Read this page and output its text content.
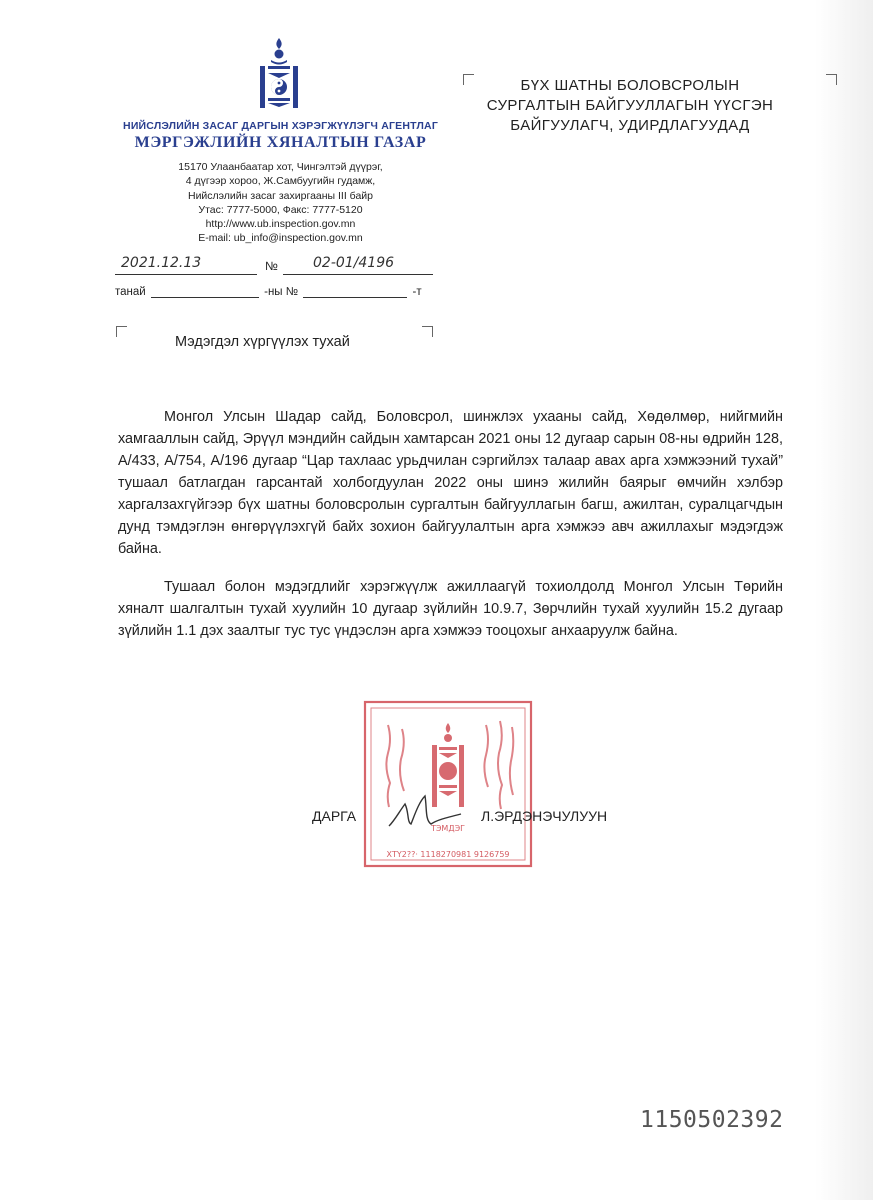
НИЙСЛЭЛИЙН ЗАСАГ ДАРГЫН ХЭРЭГЖҮҮЛЭГЧ АГЕНТЛАГ
МЭРГЭЖЛИЙН ХЯНАЛТЫН ГАЗАР
15170 Улаанбаатар хот, Чингэлтэй дүүрэг,
4 дүгээр хороо, Ж.Самбуугийн гудамж,
Нийслэлийн засаг захиргааны III байр
Утас: 7777-5000, Факс: 7777-5120
http://www.ub.inspection.gov.mn
E-mail: ub_info@inspection.gov.mn
2021.12.13	№	02-01/4196
танай	-ны №	-т
БҮХ ШАТНЫ БОЛОВСРОЛЫН
СУРГАЛТЫН БАЙГУУЛЛАГЫН ҮҮСГЭН
БАЙГУУЛАГЧ, УДИРДЛАГУУДАД
Мэдэгдэл хүргүүлэх тухай

Монгол Улсын Шадар сайд, Боловсрол, шинжлэх ухааны сайд, Хөдөлмөр, нийгмийн хамгааллын сайд, Эрүүл мэндийн сайдын хамтарсан 2021 оны 12 дугаар сарын 08-ны өдрийн 128, А/433, А/754, А/196 дугаар “Цар тахлаас урьдчилан сэргийлэх талаар авах арга хэмжээний тухай” тушаал батлагдан гарсантай холбогдуулан 2022 оны шинэ жилийн баярыг өмчийн хэлбэр харгалзахгүйгээр бүх шатны боловсролын сургалтын байгууллагын багш, ажилтан, суралцагчдын дунд тэмдэглэн өнгөрүүлэхгүй байх зохион байгуулалтын арга хэмжээ авч ажиллахыг мэдэгдэж байна.

Тушаал болон мэдэгдлийг хэрэгжүүлж ажиллаагүй тохиолдолд Монгол Улсын Төрийн хяналт шалгалтын тухай хуулийн 10 дугаар зүйлийн 10.9.7, Зөрчлийн тухай хуулийн 15.2 дугаар зүйлийн 1.1 дэх заалтыг тус тус үндэслэн арга хэмжээ тооцохыг анхааруулж байна.

ТЭМДЭГ
ХТҮ2??· 1118270981 9126759
ДАРГА	Л.ЭРДЭНЭЧУЛУУН
1150502392
